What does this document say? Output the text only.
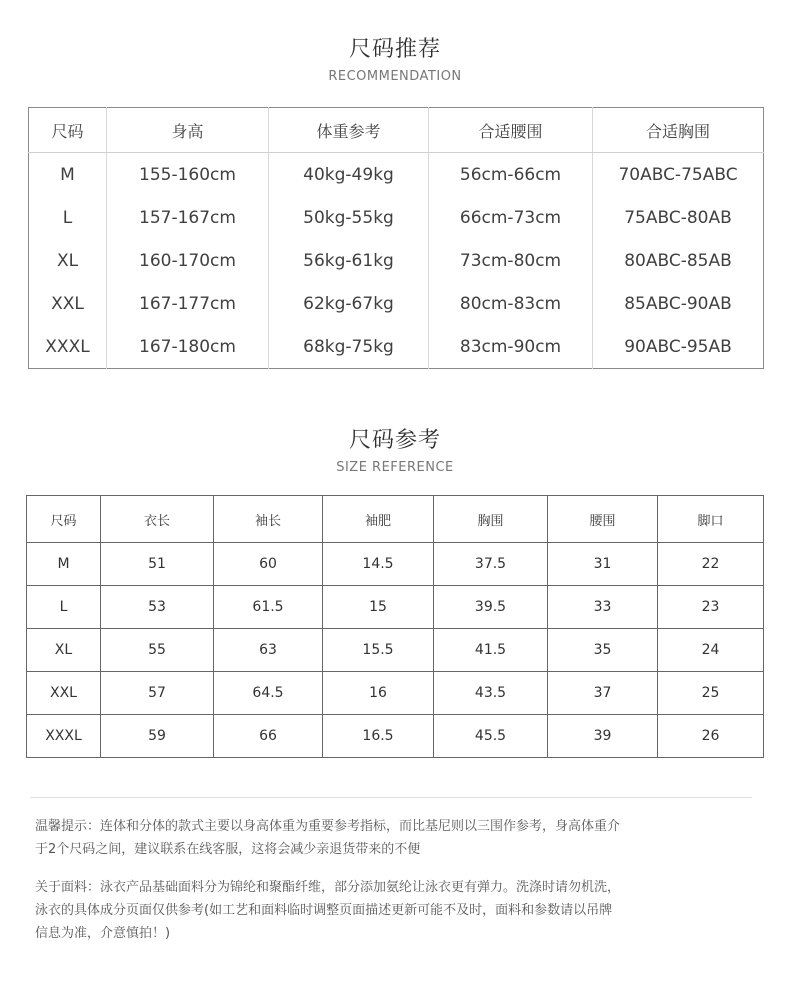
尺码推荐
RECOMMENDATION
尺码	身高	体重参考	合适腰围	合适胸围
M	155-160cm	40kg-49kg	56cm-66cm	70ABC-75ABC
L	157-167cm	50kg-55kg	66cm-73cm	75ABC-80AB
XL	160-170cm	56kg-61kg	73cm-80cm	80ABC-85AB
XXL	167-177cm	62kg-67kg	80cm-83cm	85ABC-90AB
XXXL	167-180cm	68kg-75kg	83cm-90cm	90ABC-95AB
尺码参考
SIZE REFERENCE
尺码	衣长	袖长	袖肥	胸围	腰围	脚口
M	51	60	14.5	37.5	31	22
L	53	61.5	15	39.5	33	23
XL	55	63	15.5	41.5	35	24
XXL	57	64.5	16	43.5	37	25
XXXL	59	66	16.5	45.5	39	26
温馨提示：连体和分体的款式主要以身高体重为重要参考指标，而比基尼则以三围作参考，身高体重介
于2个尺码之间，建议联系在线客服，这将会减少亲退货带来的不便
关于面料：泳衣产品基础面料分为锦纶和聚酯纤维，部分添加氨纶让泳衣更有弹力。洗涤时请勿机洗，
泳衣的具体成分页面仅供参考(如工艺和面料临时调整页面描述更新可能不及时，面料和参数请以吊牌
信息为准，介意慎拍！)
